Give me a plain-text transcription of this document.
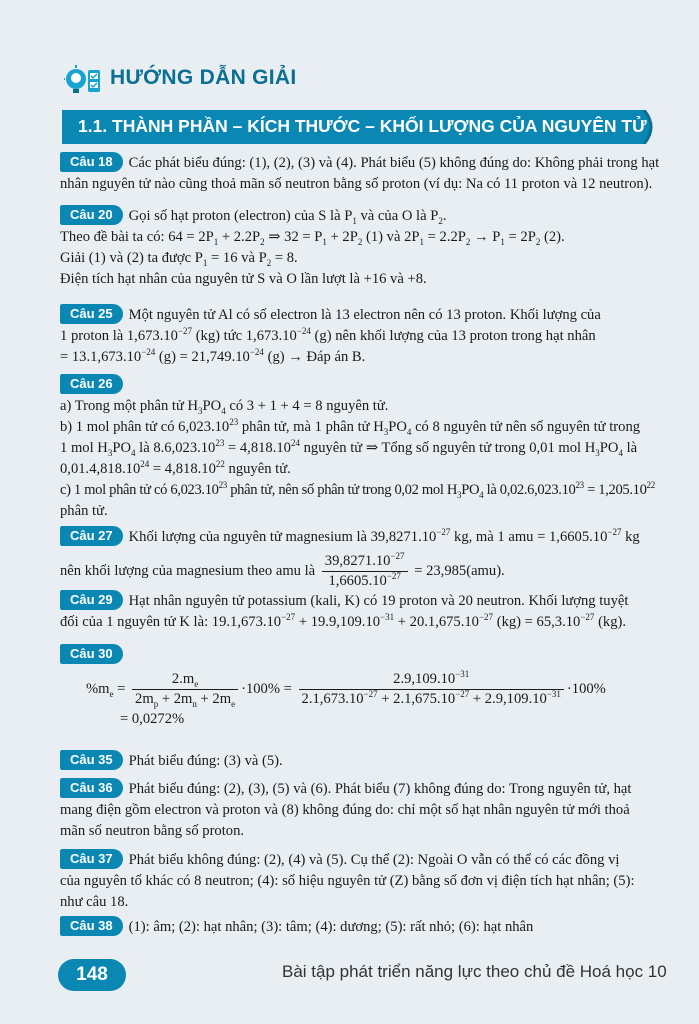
HƯỚNG DẪN GIẢI
1.1. THÀNH PHẦN – KÍCH THƯỚC – KHỐI LƯỢNG CỦA NGUYÊN TỬ
Câu 18 Các phát biểu đúng: (1), (2), (3) và (4). Phát biểu (5) không đúng do: Không phải trong hạt
nhân nguyên tử nào cũng thoả mãn số neutron bằng số proton (ví dụ: Na có 11 proton và 12 neutron).
Câu 20 Gọi số hạt proton (electron) của S là $P_1$ và của O là $P_2$.
Theo đề bài ta có: $64 = 2P_1 + 2.2P_2$ ⇒ $32 = P_1 + 2P_2$ (1) và $2P_1 = 2.2P_2 \to P_1 = 2P_2$ (2).
Giải (1) và (2) ta được $P_1 = 16$ và $P_2 = 8$.
Điện tích hạt nhân của nguyên tử S và O lần lượt là +16 và +8.
Câu 25 Một nguyên tử Al có số electron là 13 electron nên có 13 proton. Khối lượng của
1 proton là $1,673.10^{-27}$ (kg) tức $1,673.10^{-24}$ (g) nên khối lượng của 13 proton trong hạt nhân
= $13.1,673.10^{-24}$ $(g) = 21,749.10^{-24}$ (g) → Đáp án B.
Câu 26
a) Trong một phân tử $H_3PO_4$ có 3 + 1 + 4 = 8 nguyên tử.
b) 1 mol phân tử có 6,023.10$^{23}$ phân tử, mà 1 phân tử $H_3PO_4$ có 8 nguyên tử nên số nguyên tử trong
1 mol $H_3PO_4$ là $8.6,023.10^{23} = 4,818.10^{24}$ nguyên tử ⇒ Tổng số nguyên tử trong 0,01 mol $H_3PO_4$ là
$0,01.4,818.10^{24} = 4,818.10^{22}$ nguyên tử.
c) 1 mol phân tử có 6,023.10$^{23}$ phân tử, nên số phân tử trong 0,02 mol $H_3PO_4$ là $0,02.6,023.10^{23} = 1,205.10^{22}$
phân tử.
Câu 27 Khối lượng của nguyên tử magnesium là $39,8271.10^{-27}$ kg, mà 1 amu = $1,6605.10^{-27}$ kg
nên khối lượng của magnesium theo amu là $\frac{39,8271.10^{-27}}{1,6605.10^{-27}} = 23,985(amu)$.
Câu 29 Hạt nhân nguyên tử potassium (kali, K) có 19 proton và 20 neutron. Khối lượng tuyệt
đối của 1 nguyên tử K là: $19.1,673.10^{-27} + 19.9,109.10^{-31} + 20.1,675.10^{-27}$ $(kg) = 65,3.10^{-27}$ (kg).
Câu 30
$\%m_e = \frac{2.m_e}{2m_p + 2m_n + 2m_e} \cdot 100\% = \frac{2.9,109.10^{-31}}{2.1,673.10^{-27} + 2.1,675.10^{-27} + 2.9,109.10^{-31}} \cdot 100\%$
= 0,0272%
Câu 35 Phát biểu đúng: (3) và (5).
Câu 36 Phát biểu đúng: (2), (3), (5) và (6). Phát biểu (7) không đúng do: Trong nguyên tử, hạt
mang điện gồm electron và proton và (8) không đúng do: chỉ một số hạt nhân nguyên tử mới thoả
mãn số neutron bằng số proton.
Câu 37 Phát biểu không đúng: (2), (4) và (5). Cụ thể (2): Ngoài O vẫn có thể có các đồng vị
của nguyên tố khác có 8 neutron; (4): số hiệu nguyên tử (Z) bằng số đơn vị điện tích hạt nhân; (5):
như câu 18.
Câu 38 (1): âm; (2): hạt nhân; (3): tâm; (4): dương; (5): rất nhỏ; (6): hạt nhân
148	Bài tập phát triển năng lực theo chủ đề Hoá học 10
